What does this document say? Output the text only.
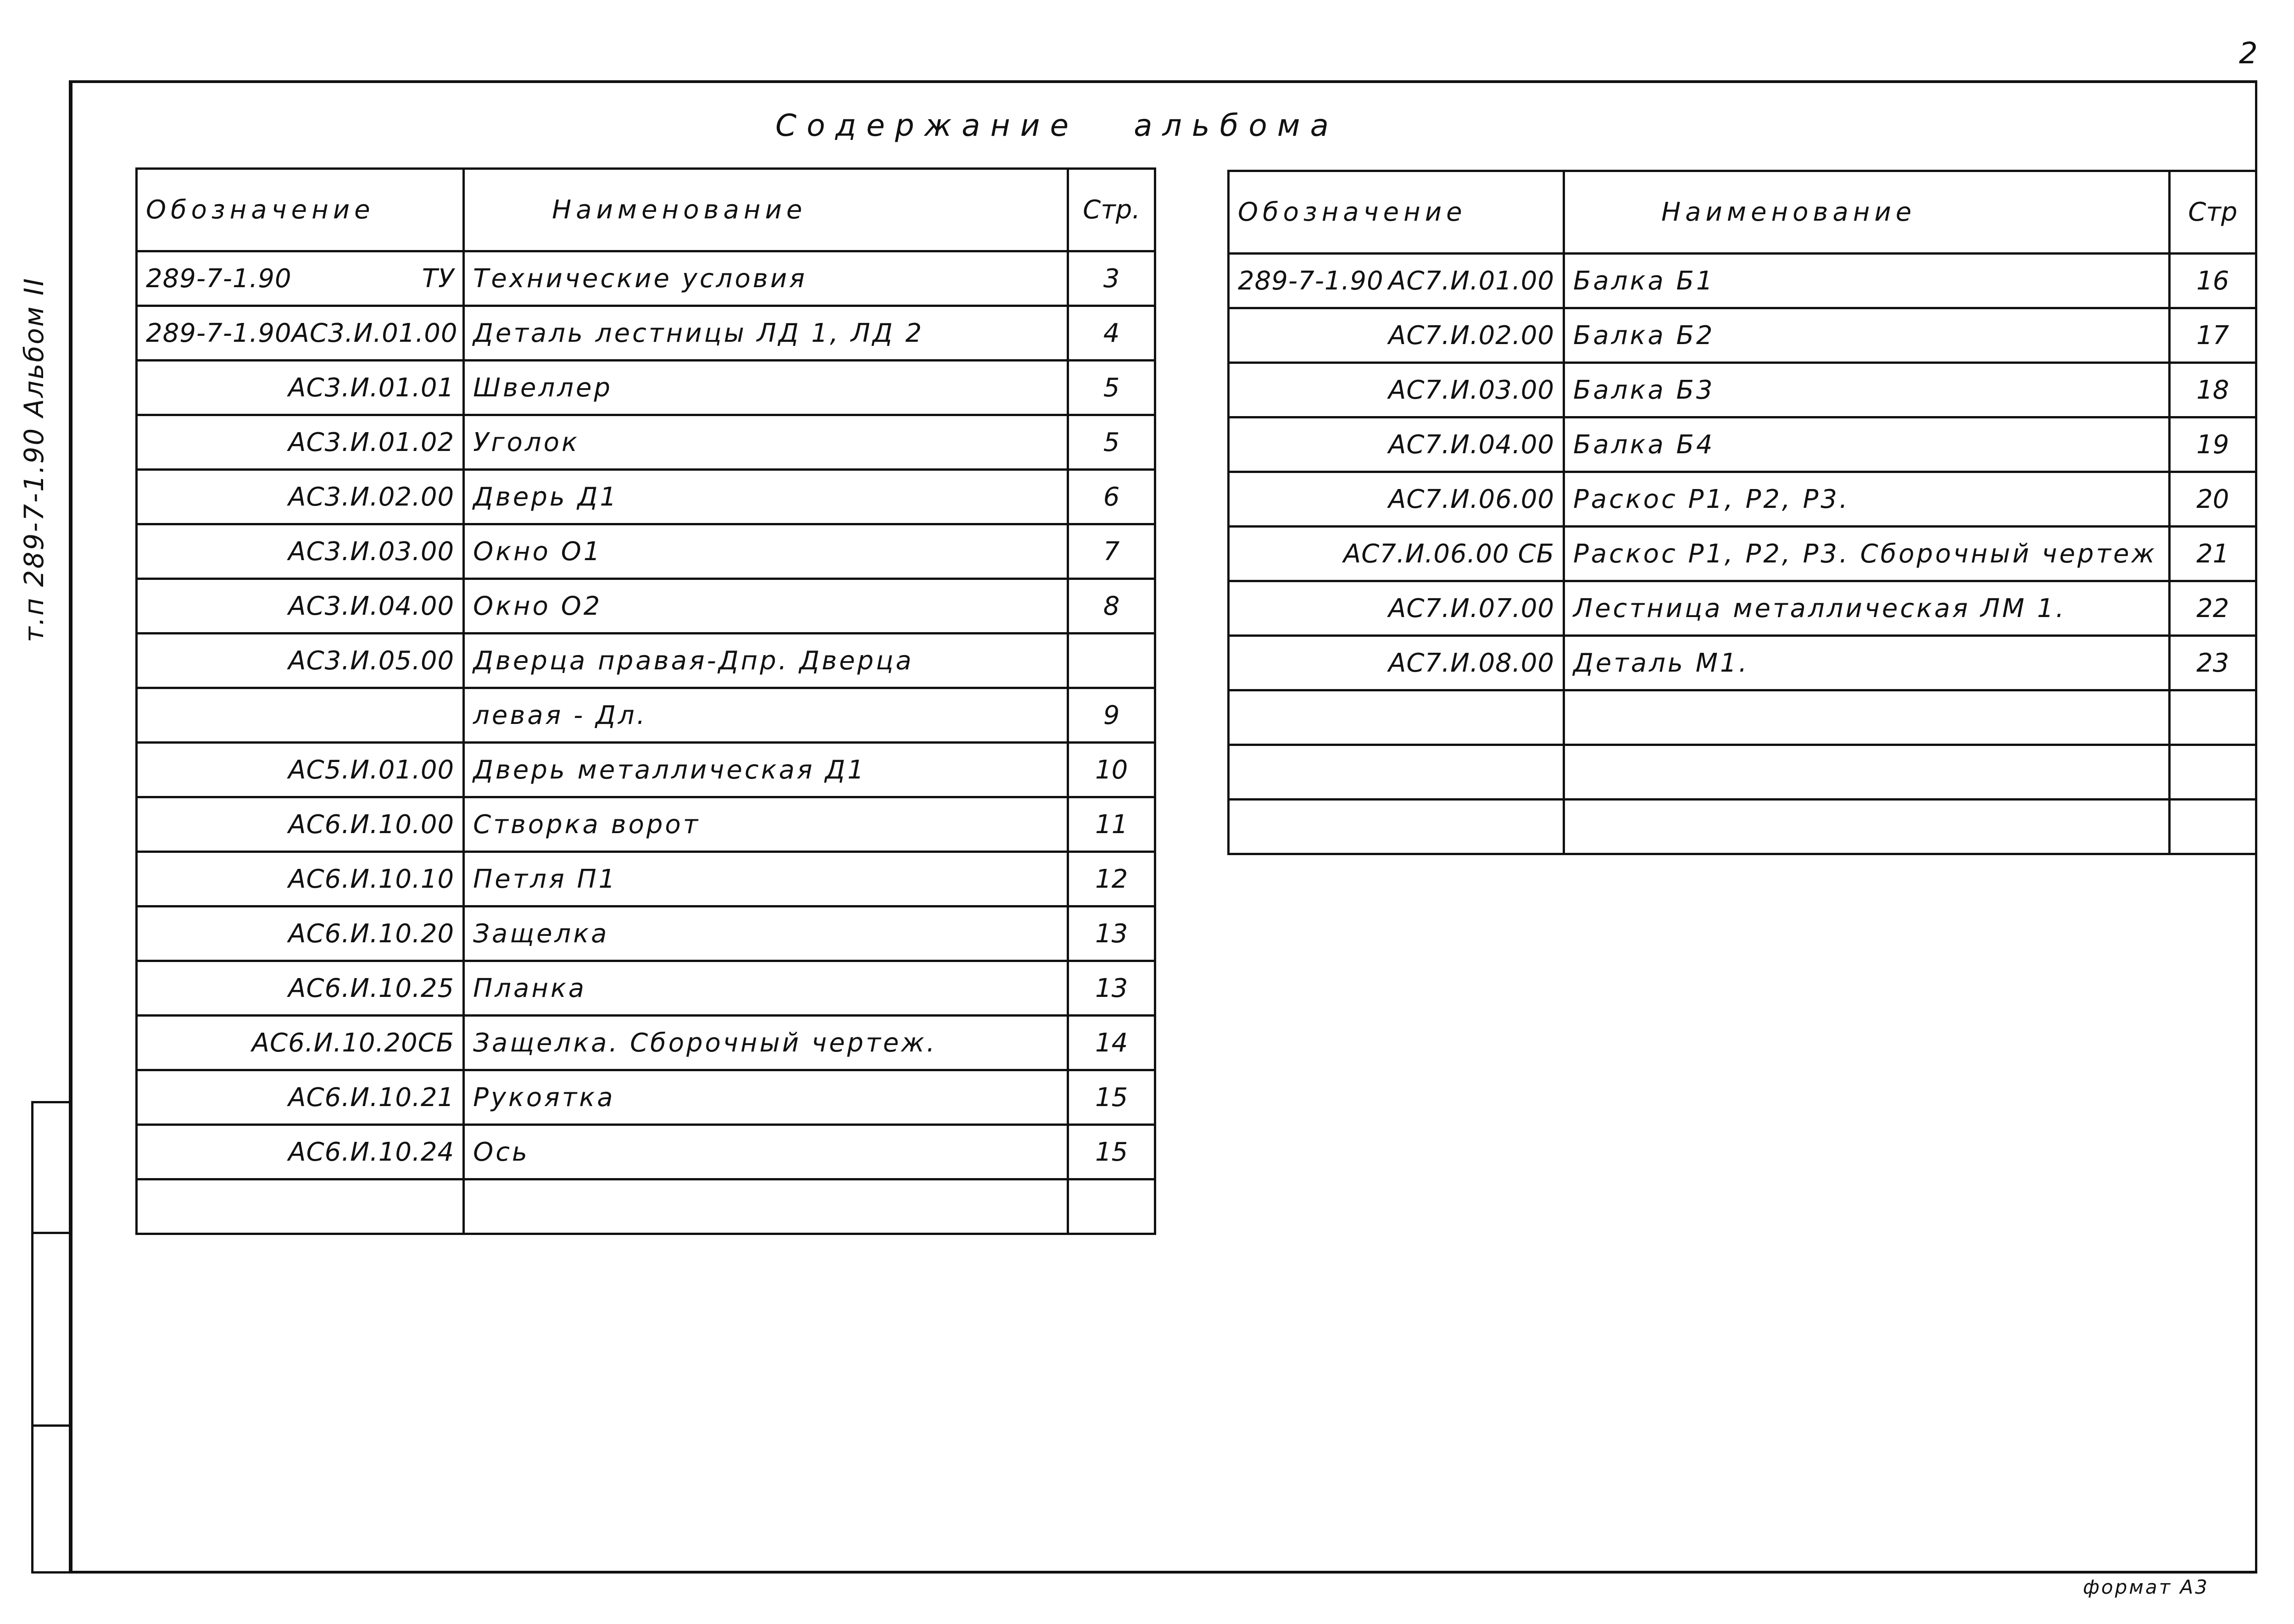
2
т.п 289-7-1.90 Альбом II
Содержание альбома
Обозначение	Наименование	Стр.

289-7-1.90 ТУ	Технические условия	3

289-7-1.90 АС3.И.01.00	Деталь лестницы ЛД 1, ЛД 2	4
АС3.И.01.01	Швеллер	5
АС3.И.01.02	Уголок	5
АС3.И.02.00	Дверь Д1	6
АС3.И.03.00	Окно О1	7
АС3.И.04.00	Окно О2	8
АС3.И.05.00	Дверца правая-Дпр. Дверца	
	левая - Дл.	9
АС5.И.01.00	Дверь металлическая Д1	10
АС6.И.10.00	Створка ворот	11
АС6.И.10.10	Петля П1	12
АС6.И.10.20	Защелка	13
АС6.И.10.25	Планка	13
АС6.И.10.20СБ	Защелка. Сборочный чертеж.	14
АС6.И.10.21	Рукоятка	15
АС6.И.10.24	Ось	15

Обозначение	Наименование	Стр

289-7-1.90 АС7.И.01.00	Балка Б1	16
АС7.И.02.00	Балка Б2	17
АС7.И.03.00	Балка Б3	18
АС7.И.04.00	Балка Б4	19
АС7.И.06.00	Раскос Р1, Р2, Р3.	20
АС7.И.06.00 СБ	Раскос Р1, Р2, Р3. Сборочный чертеж	21
АС7.И.07.00	Лестница металлическая ЛМ 1.	22
АС7.И.08.00	Деталь М1.	23

формат А3
